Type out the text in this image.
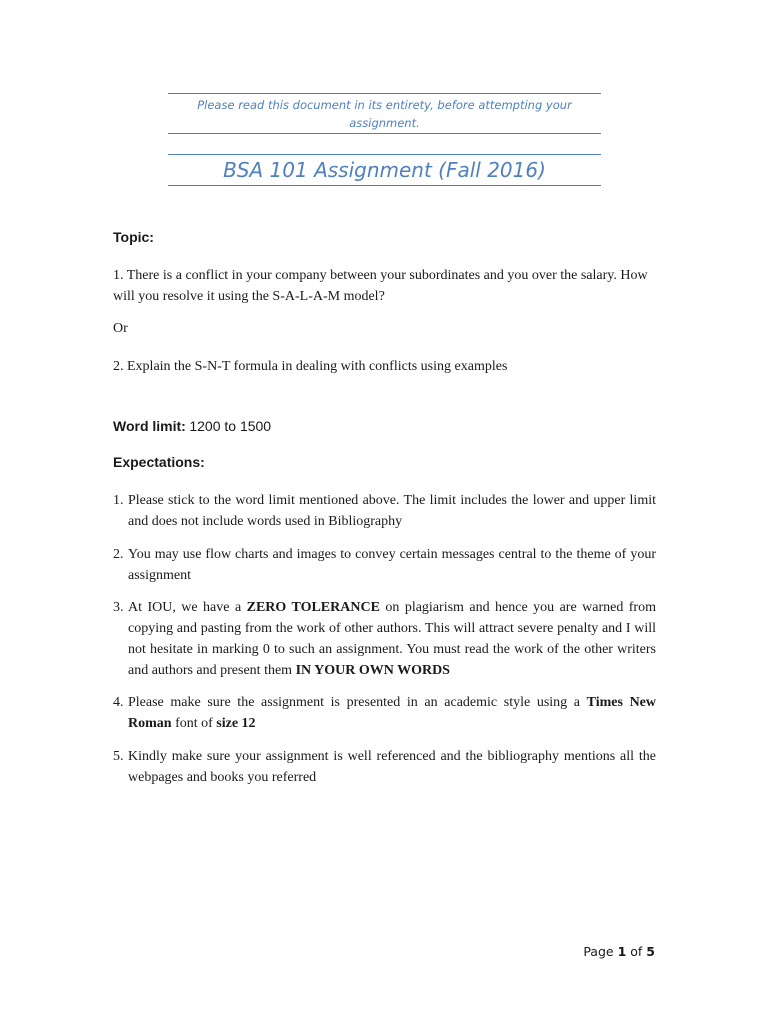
Please read this document in its entirety, before attempting your assignment.
BSA 101 Assignment (Fall 2016)
Topic:
1. There is a conflict in your company between your subordinates and you over the salary. How will you resolve it using the S-A-L-A-M model?
Or
2. Explain the S-N-T formula in dealing with conflicts using examples
Word limit: 1200 to 1500
Expectations:
1. Please stick to the word limit mentioned above. The limit includes the lower and upper limit and does not include words used in Bibliography
2. You may use flow charts and images to convey certain messages central to the theme of your assignment
3. At IOU, we have a ZERO TOLERANCE on plagiarism and hence you are warned from copying and pasting from the work of other authors. This will attract severe penalty and I will not hesitate in marking 0 to such an assignment. You must read the work of the other writers and authors and present them IN YOUR OWN WORDS
4. Please make sure the assignment is presented in an academic style using a Times New Roman font of size 12
5. Kindly make sure your assignment is well referenced and the bibliography mentions all the webpages and books you referred
Page 1 of 5
